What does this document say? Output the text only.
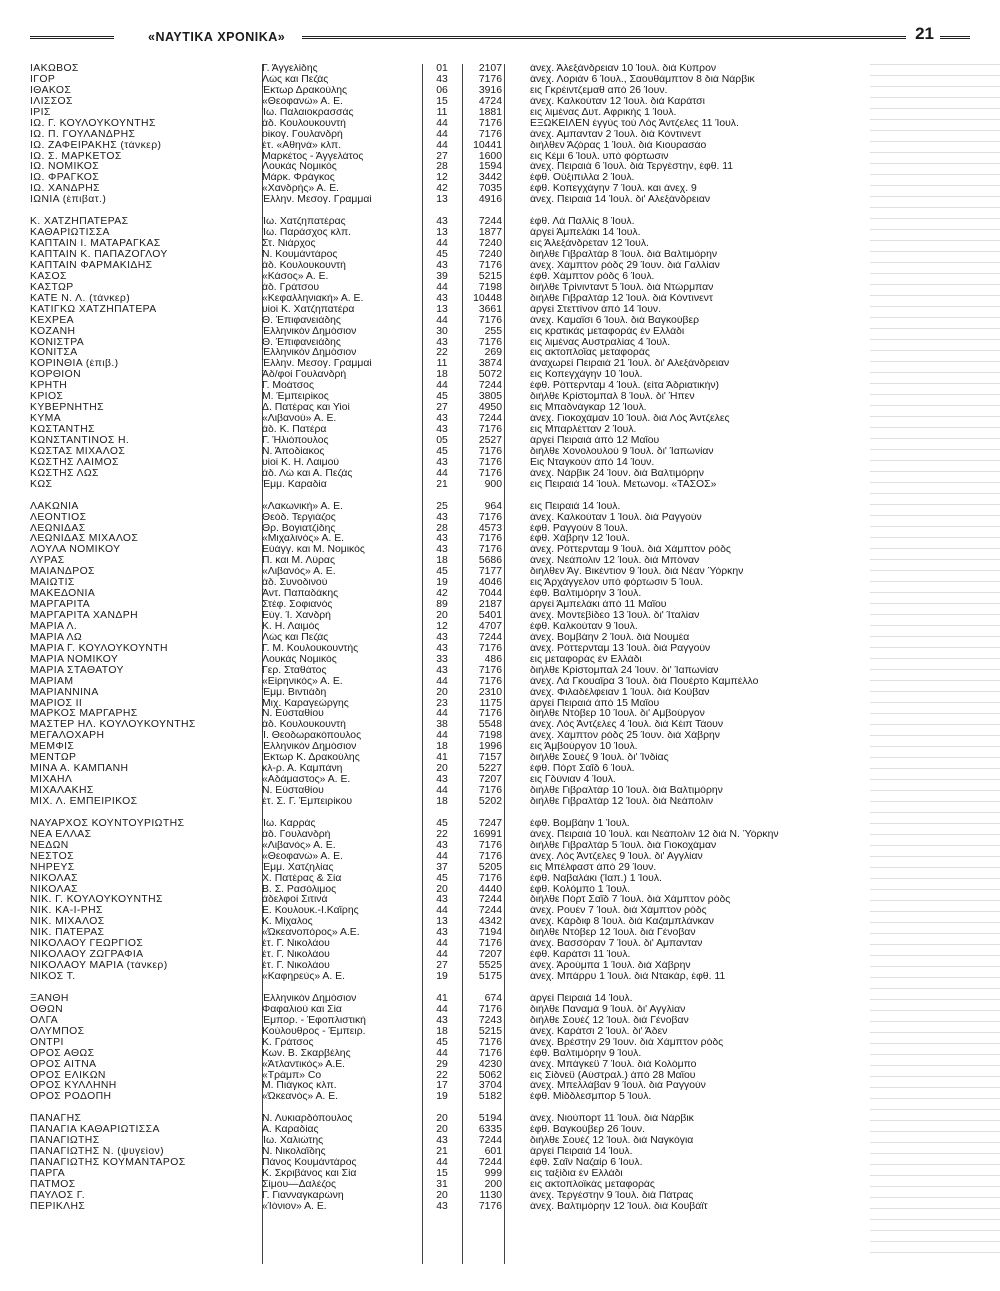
«ΝΑΥΤΙΚΑ ΧΡΟΝΙΚΑ»	21
ΙΑΚΩΒΟΣ	Γ. Άγγελίδης	01	2107	άνεχ. Άλεξάνδρειαν 10 Ίουλ. διά Κύπρον
ΙΓΟΡ	Λώς και Πεζάς	43	7176	άνεχ. Λοριάν 6 Ίουλ., Σαουθάμπτον 8 διά Νάρβικ
ΙΘΑΚΟΣ	Έκτωρ Δρακούλης	06	3916	εις Γκρέιντζεμαθ από 26 Ίουν.
ΙΛΙΣΣΟΣ	«Θεοφανώ» Α. Ε.	15	4724	άνεχ. Καλκούταν 12 Ίουλ. διά Καράτσι
ΙΡΙΣ	Ίω. Παλαιοκρασσάς	11	1881	εις λιμένας Δυτ. Αφρικής 1 Ίουλ.
ΙΩ. Γ. ΚΟΥΛΟΥΚΟΥΝΤΗΣ	άδ. Κουλουκουντή	44	7176	ΕΞΩΚΕΙΛΕΝ έγγύς τού Λός Άντζελες 11 Ίουλ.
ΙΩ. Π. ΓΟΥΛΑΝΔΡΗΣ	οίκογ. Γουλανδρή	44	7176	άνεχ. Αμπανταν 2 Ίουλ. διά Κόντινεντ
ΙΩ. ΖΑΦΕΙΡΑΚΗΣ (τάνκερ)	έτ. «Αθηνά» κλπ.	44	10441	διήλθεν Άζόρας 1 Ίουλ. διά Κιουρασάο
ΙΩ. Σ. ΜΑΡΚΕΤΟΣ	Μαρκέτος - Άγγελάτος	27	1600	εις Κέμι 6 Ίουλ. υπό φόρτωσιν
ΙΩ. ΝΟΜΙΚΟΣ	Λουκάς Νομικός	28	1594	άνεχ. Πειραιά 6 Ίουλ. διά Τεργέστην, έφθ. 11
ΙΩ. ΦΡΑΓΚΟΣ	Μάρκ. Φράγκος	12	3442	έφθ. Ούξιπιλλα 2 Ίουλ.
ΙΩ. ΧΑΝΔΡΗΣ	«Χανδρής» Α. Ε.	42	7035	έφθ. Κοπεγχάγην 7 Ίουλ. και άνεχ. 9
ΙΩΝΙΑ (έπιβατ.)	Έλλην. Μεσογ. Γραμμαί	13	4916	άνεχ. Πειραιά 14 Ίουλ. δι' Αλεξάνδρειαν
Κ. ΧΑΤΖΗΠΑΤΕΡΑΣ	Ίω. Χατζηπατέρας	43	7244	έφθ. Λά Παλλίς 8 Ίουλ.
ΚΑΘΑΡΙΩΤΙΣΣΑ	Ίω. Παράσχος κλπ.	13	1877	άργεί Άμπελάκι 14 Ίουλ.
ΚΑΠΤΑΙΝ Ι. ΜΑΤΑΡΑΓΚΑΣ	Στ. Νιάρχος	44	7240	εις Άλεξάνδρεταν 12 Ίουλ.
ΚΑΠΤΑΙΝ Κ. ΠΑΠΑΖΟΓΛΟΥ	Ν. Κουμάντάρος	45	7240	διήλθε Γιβραλτάρ 8 Ίουλ. διά Βαλτιμόρην
ΚΑΠΤΑΙΝ ΦΑΡΜΑΚΙΔΗΣ	άδ. Κουλουκουντή	43	7176	άνεχ. Χάμπτον ρόδς 29 Ίουν. διά Γαλλίαν
ΚΑΣΟΣ	«Κάσος» Α. Ε.	39	5215	έφθ. Χάμπτον ρόδς 6 Ίουλ.
ΚΑΣΤΩΡ	άδ. Γράτσου	44	7198	διήλθε Τρίνινταντ 5 Ίουλ. διά Ντώρμπαν
ΚΑΤΕ Ν. Λ. (τάνκερ)	«Κεφαλληνιακή» Α. Ε.	43	10448	διήλθε Γιβραλτάρ 12 Ίουλ. διά Κόντινεντ
ΚΑΤΙΓΚΩ ΧΑΤΖΗΠΑΤΕΡΑ	υίοί Κ. Χατζηπατέρα	13	3661	άργεί Στεττίνον άπό 14 Ίουν.
ΚΕΧΡΕΑ	Θ. Έπιφανειάδης	44	7176	άνεχ. Καμαΐσι 6 Ίουλ. διά Βαγκούβερ
ΚΟΖΑΝΗ	Έλληνικόν Δημόσιον	30	255	εις κρατικάς μεταφοράς έν Ελλάδι
ΚΟΝΙΣΤΡΑ	Θ. Έπιφανειάδης	43	7176	εις λιμένας Αυστραλίας 4 Ίουλ.
ΚΟΝΙΤΣΑ	Έλληνικόν Δημόσιον	22	269	εις ακτοπλοΐας μεταφοράς
ΚΟΡΙΝΘΙΑ (έπιβ.)	Έλλην. Μεσογ. Γραμμαί	11	3874	άναχωρεί Πειραιά 21 Ίουλ. δι' Αλεξάνδρειαν
ΚΟΡΘΙΟΝ	Άδ/φοί Γουλανδρή	18	5072	εις Κοπεγχάγην 10 Ίουλ.
ΚΡΗΤΗ	Γ. Μοάτσος	44	7244	έφθ. Ρόττερνταμ 4 Ίουλ. (είτα Άδριατικήν)
ΚΡΙΟΣ	Μ. Έμπειρίκος	45	3805	διήλθε Κρίστομπαλ 8 Ίουλ. δι' Ήπεν
ΚΥΒΕΡΝΗΤΗΣ	Δ. Πατέρας και Υίοί	27	4950	εις Μπαδνάγκαρ 12 Ίουλ.
ΚΥΜΑ	«Λιβανού» Α. Ε.	43	7244	άνεχ. Γιοκοχάμαν 10 Ίουλ. διά Λός Άντζελες
ΚΩΣΤΑΝΤΗΣ	άδ. Κ. Πατέρα	43	7176	εις Μπαρλέτταν 2 Ίουλ.
ΚΩΝΣΤΑΝΤΙΝΟΣ Η.	Γ. Ήλιόπουλος	05	2527	άργεί Πειραιά άπό 12 Μαΐου
ΚΩΣΤΑΣ ΜΙΧΑΛΟΣ	Ν. Άποδίακος	45	7176	διήλθε Χονολουλού 9 Ίουλ. δι' Ίαπωνίαν
ΚΩΣΤΗΣ ΛΑΙΜΟΣ	υίοί Κ. Η. Λαιμού	43	7176	Εις Νταγκούν άπό 14 Ίουν.
ΚΩΣΤΗΣ ΛΩΣ	άδ. Λώ και Α. Πεζάς	44	7176	άνεχ. Νάρβικ 24 Ίουν. διά Βαλτιμόρην
ΚΩΣ	Έμμ. Καραδία	21	900	εις Πειραιά 14 Ίουλ. Μετωνομ. «ΤΑΣΟΣ»
ΛΑΚΩΝΙΑ	«Λακωνική» Α. Ε.	25	964	εις Πειραιά 14 Ίουλ.
ΛΕΟΝΤΙΟΣ	Θεόδ. Τεργιάζος	43	7176	άνεχ. Καλκούταν 1 Ίουλ. διά Ραγγούν
ΛΕΩΝΙΔΑΣ	Θρ. Βογιατζίδης	28	4573	έφθ. Ραγγούν 8 Ίουλ.
ΛΕΩΝΙΔΑΣ ΜΙΧΑΛΟΣ	«Μιχαλινός» Α. Ε.	43	7176	έφθ. Χάβρην 12 Ίουλ.
ΛΟΥΛΑ ΝΟΜΙΚΟΥ	Εύάγγ. και Μ. Νομικός	43	7176	άνεχ. Ρόττερνταμ 9 Ίουλ. διά Χάμπτον ρόδς
ΛΥΡΑΣ	Π. και Μ. Λύρας	18	5686	άνεχ. Νεάπολιν 12 Ίουλ. διά Μπόναν
ΜΑΙΑΝΔΡΟΣ	«Λιβανός» Α. Ε.	45	7177	διήλθεν Άγ. Βικέντιον 9 Ίουλ. διά Νέαν Ύόρκην
ΜΑΙΩΤΙΣ	άδ. Συνοδινού	19	4046	εις Άρχάγγελον υπό φόρτωσιν 5 Ίουλ.
ΜΑΚΕΔΟΝΙΑ	Άντ. Παπαδάκης	42	7044	έφθ. Βαλτιμόρην 3 Ίουλ.
ΜΑΡΓΑΡΙΤΑ	Στέφ. Σοφιανός	89	2187	άργεί Άμπελάκι άπό 11 Μαΐου
ΜΑΡΓΑΡΙΤΑ ΧΑΝΔΡΗ	Εύγ. Ί. Χανδρή	20	5401	άνεχ. Μοντεβίδεο 13 Ίουλ. δι' Ίταλίαν
ΜΑΡΙΑ Λ.	Κ. Η. Λαιμός	12	4707	έφθ. Καλκούταν 9 Ίουλ.
ΜΑΡΙΑ ΛΩ	Λώς και Πεζάς	43	7244	άνεχ. Βομβάην 2 Ίουλ. διά Νουμέα
ΜΑΡΙΑ Γ. ΚΟΥΛΟΥΚΟΥΝΤΗ	Γ. Μ. Κουλουκουντής	43	7176	άνεχ. Ρόττερνταμ 13 Ίουλ. διά Ραγγούν
ΜΑΡΙΑ ΝΟΜΙΚΟΥ	Λουκάς Νομικός	33	486	εις μεταφοράς έν Ελλάδι
ΜΑΡΙΑ ΣΤΑΘΑΤΟΥ	Γερ. Σταθάτος	43	7176	διήλθε Κρίστομπαλ 24 Ίουν. δι' Ίαπωνίαν
ΜΑΡΙΑΜ	«Είρηνικός» Α. Ε.	44	7176	άνεχ. Λά Γκουαΐρα 3 Ίουλ. διά Πουέρτο Καμπέλλο
ΜΑΡΙΑΝΝΙΝΑ	Έμμ. Βιντιάδη	20	2310	άνεχ. Φιλαδέλφειαν 1 Ίουλ. διά Κούβαν
ΜΑΡΙΟΣ ΙΙ	Μιχ. Καραγεώργης	23	1175	άργεί Πειραιά άπό 15 Μαΐου
ΜΑΡΚΟΣ ΜΑΡΓΑΡΗΣ	Ν. Εύσταθίου	44	7176	διήλθε Ντόβερ 10 Ίουλ. δι' Αμβούργον
ΜΑΣΤΕΡ ΗΛ. ΚΟΥΛΟΥΚΟΥΝΤΗΣ	άδ. Κουλουκουντή	38	5548	άνεχ. Λός Άντζελες 4 Ίουλ. διά Κέιπ Τάουν
ΜΕΓΑΛΟΧΑΡΗ	Ί. Θεοδωρακόπουλος	44	7198	άνεχ. Χάμπτον ρόδς 25 Ίουν. διά Χάβρην
ΜΕΜΦΙΣ	Έλληνικόν Δημόσιον	18	1996	εις Άμβούργον 10 Ίουλ.
ΜΕΝΤΩΡ	Έκτωρ Κ. Δρακούλης	41	7157	διήλθε Σουέζ 9 Ίουλ. δι' Ίνδίας
ΜΙΝΑ Α. ΚΑΜΠΑΝΗ	κλ-ρ. Α. Καμπάνη	20	5227	έφθ. Πόρτ Σαΐδ 6 Ίουλ.
ΜΙΧΑΗΛ	«Αδάμαστος» Α. Ε.	43	7207	εις Γδύνιαν 4 Ίουλ.
ΜΙΧΑΛΑΚΗΣ	Ν. Εύσταθίου	44	7176	διήλθε Γιβραλτάρ 10 Ίουλ. διά Βαλτιμόρην
ΜΙΧ. Λ. ΕΜΠΕΙΡΙΚΟΣ	έτ. Σ. Γ. Έμπειρίκου	18	5202	διήλθε Γιβραλτάρ 12 Ίουλ. διά Νεάπολιν
ΝΑΥΑΡΧΟΣ ΚΟΥΝΤΟΥΡΙΩΤΗΣ	Ίω. Καρράς	45	7247	έφθ. Βομβάην 1 Ίουλ.
ΝΕΑ ΕΛΛΑΣ	άδ. Γουλανδρή	22	16991	άνεχ. Πειραιά 10 Ίουλ. και Νεάπολιν 12 διά Ν. Ύόρκην
ΝΕΔΩΝ	«Λιβανός» Α. Ε.	43	7176	διήλθε Γιβραλτάρ 5 Ίουλ. διά Γιοκοχάμαν
ΝΕΣΤΟΣ	«Θεοφανώ» Α. Ε.	44	7176	άνεχ. Λός Άντζελες 9 Ίουλ. δι' Αγγλίαν
ΝΗΡΕΥΣ	Έμμ. Χατζηλίας	37	5205	εις Μπέλφαστ άπό 29 Ίουν.
ΝΙΚΟΛΑΣ	Χ. Πατέρας & Σία	45	7176	έφθ. Ναβαλάκι (Ίαπ.) 1 Ίουλ.
ΝΙΚΟΛΑΣ	Β. Σ. Ρασόλιμος	20	4440	έφθ. Κολόμπο 1 Ίουλ.
ΝΙΚ. Γ. ΚΟΥΛΟΥΚΟΥΝΤΗΣ	άδελφοί Σιτινά	43	7244	διήλθε Πόρτ Σαΐδ 7 Ίουλ. διά Χάμπτον ρόδς
ΝΙΚ. ΚΑ-Ι-ΡΗΣ	Ε. Κουλουκ.-Ι.Καΐρης	44	7244	άνεχ. Ρουέν 7 Ίουλ. διά Χάμπτον ρόδς
ΝΙΚ. ΜΙΧΑΛΟΣ	Κ. Μίχαλος	13	4342	άνεχ. Κάρδιφ 8 Ίουλ. διά Καζαμπλάνκαν
ΝΙΚ. ΠΑΤΕΡΑΣ	«Ώκεανοπόρος» Α.Ε.	43	7194	διήλθε Ντόβερ 12 Ίουλ. διά Γένοβαν
ΝΙΚΟΛΑΟΥ ΓΕΩΡΓΙΟΣ	έτ. Γ. Νικολάου	44	7176	άνεχ. Βασσόραν 7 Ίουλ. δι' Αμπανταν
ΝΙΚΟΛΑΟΥ ΖΩΓΡΑΦΙΑ	έτ. Γ. Νικολάου	44	7207	έφθ. Καράτσι 11 Ίουλ.
ΝΙΚΟΛΑΟΥ ΜΑΡΙΑ (τάνκερ)	έτ. Γ. Νικολάου	27	5525	άνεχ. Άρούμπα 1 Ίουλ. διά Χάβρην
ΝΙΚΟΣ Τ.	«Καφηρεύς» Α. Ε.	19	5175	άνεχ. Μπάρρυ 1 Ίουλ. διά Ντακάρ, έφθ. 11
ΞΑΝΘΗ	Έλληνικόν Δημόσιον	41	674	άργεί Πειραιά 14 Ίουλ.
ΟΘΩΝ	Φαφαλιού και Σία	44	7176	διήλθε Παναμά 9 Ίουλ. δι' Αγγλίαν
ΟΛΓΑ	Έμπορ. - Έφοπλιστική	43	7243	διήλθε Σουέζ 12 Ίουλ. διά Γένοβαν
ΟΛΥΜΠΟΣ	Κούλουθρος - Έμπειρ.	18	5215	άνεχ. Καράτσι 2 Ίουλ. δι' Άδεν
ΟΝΤΡΙ	Κ. Γράτσος	45	7176	άνεχ. Βρέστην 29 Ίουν. διά Χάμπτον ρόδς
ΟΡΟΣ ΑΘΩΣ	Κων. Β. Σκαρβέλης	44	7176	έφθ. Βαλτιμόρην 9 Ίουλ.
ΟΡΟΣ ΑΙΤΝΑ	«Άτλαντικός» Α.Ε.	29	4230	άνεχ. Μπάγκεϋ 7 Ίουλ. διά Κολόμπο
ΟΡΟΣ ΕΛΙΚΩΝ	«Τράμπ» Co	22	5062	εις Σίδνεϋ (Αύστραλ.) άπό 28 Μαΐου
ΟΡΟΣ ΚΥΛΛΗΝΗ	Μ. Πιάγκος κλπ.	17	3704	άνεχ. Μπελλάβαν 9 Ίουλ. διά Ραγγούν
ΟΡΟΣ ΡΟΔΟΠΗ	«Ώκεανός» Α. Ε.	19	5182	έφθ. Μίδδλεσμπορ 5 Ίουλ.
ΠΑΝΑΓΗΣ	Ν. Λυκιαρδόπουλος	20	5194	άνεχ. Νιούπορτ 11 Ίουλ. διά Νάρβικ
ΠΑΝΑΓΙΑ ΚΑΘΑΡΙΩΤΙΣΣΑ	Α. Καραδίας	20	6335	έφθ. Βαγκούβερ 26 Ίουν.
ΠΑΝΑΓΙΩΤΗΣ	Ίω. Χαλιώτης	43	7244	διήλθε Σουέζ 12 Ίουλ. διά Ναγκόγια
ΠΑΝΑΓΙΩΤΗΣ Ν. (ψυγείον)	Ν. Νικολαΐδης	21	601	άργεί Πειραιά 14 Ίουλ.
ΠΑΝΑΓΙΩΤΗΣ ΚΟΥΜΑΝΤΑΡΟΣ	Πάνος Κουμάντάρος	44	7244	έφθ. Σαΐν Ναζαίρ 6 Ίουλ.
ΠΑΡΓΑ	Κ. Σκριβάνος και Σία	15	999	εις ταξίδια έν Ελλάδι
ΠΑΤΜΟΣ	Σίμου—Δαλέζος	31	200	εις ακτοπλοϊκάς μεταφοράς
ΠΑΥΛΟΣ Γ.	Γ. Γιανναγκαρώνη	20	1130	άνεχ. Τεργέστην 9 Ίουλ. διά Πάτρας
ΠΕΡΙΚΛΗΣ	«Ίόνιον» Α. Ε.	43	7176	άνεχ. Βαλτιμόρην 12 Ίουλ. διά Κουβάϊτ
